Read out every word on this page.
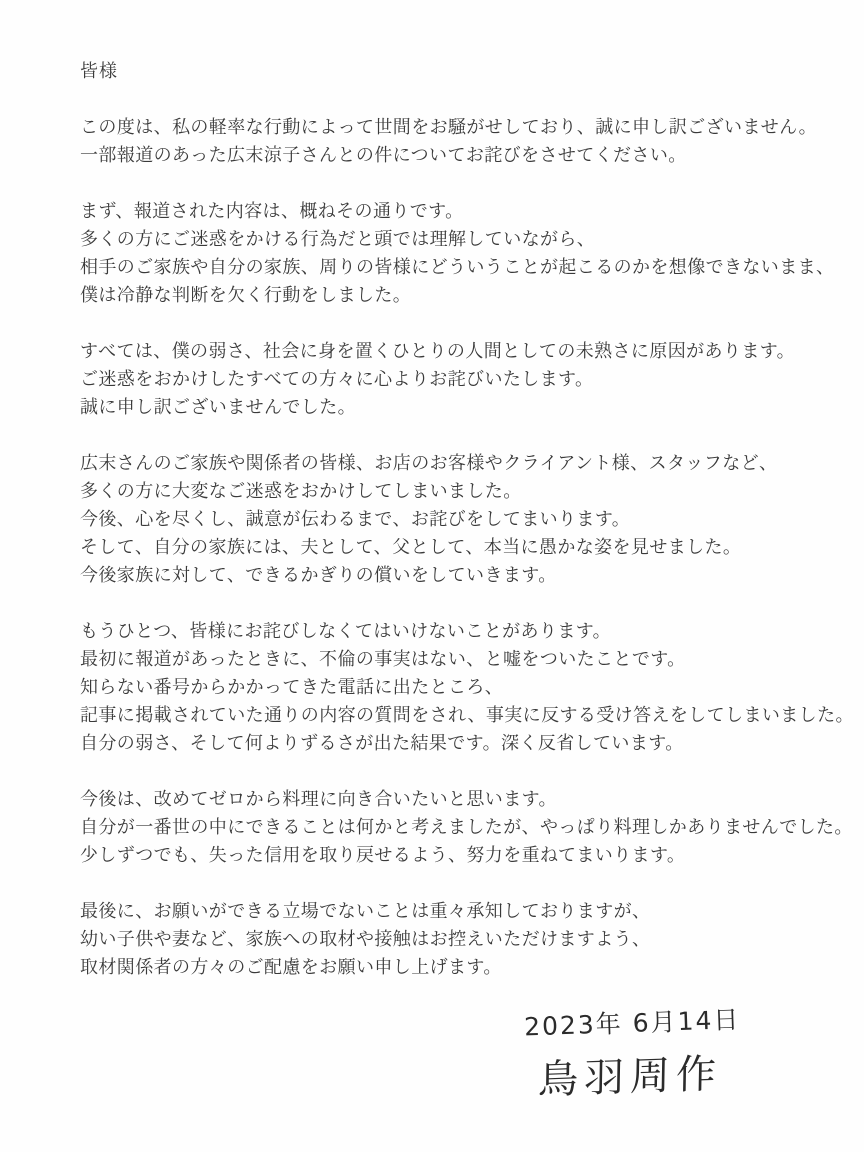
皆様
この度は、私の軽率な行動によって世間をお騒がせしており、誠に申し訳ございません。
一部報道のあった広末涼子さんとの件についてお詫びをさせてください。
まず、報道された内容は、概ねその通りです。
多くの方にご迷惑をかける行為だと頭では理解していながら、
相手のご家族や自分の家族、周りの皆様にどういうことが起こるのかを想像できないまま、
僕は冷静な判断を欠く行動をしました。
すべては、僕の弱さ、社会に身を置くひとりの人間としての未熟さに原因があります。
ご迷惑をおかけしたすべての方々に心よりお詫びいたします。
誠に申し訳ございませんでした。
広末さんのご家族や関係者の皆様、お店のお客様やクライアント様、スタッフなど、
多くの方に大変なご迷惑をおかけしてしまいました。
今後、心を尽くし、誠意が伝わるまで、お詫びをしてまいります。
そして、自分の家族には、夫として、父として、本当に愚かな姿を見せました。
今後家族に対して、できるかぎりの償いをしていきます。
もうひとつ、皆様にお詫びしなくてはいけないことがあります。
最初に報道があったときに、不倫の事実はない、と嘘をついたことです。
知らない番号からかかってきた電話に出たところ、
記事に掲載されていた通りの内容の質問をされ、事実に反する受け答えをしてしまいました。
自分の弱さ、そして何よりずるさが出た結果です。深く反省しています。
今後は、改めてゼロから料理に向き合いたいと思います。
自分が一番世の中にできることは何かと考えましたが、やっぱり料理しかありませんでした。
少しずつでも、失った信用を取り戻せるよう、努力を重ねてまいります。
最後に、お願いができる立場でないことは重々承知しておりますが、
幼い子供や妻など、家族への取材や接触はお控えいただけますよう、
取材関係者の方々のご配慮をお願い申し上げます。
2023年 6月14日
鳥羽周作
